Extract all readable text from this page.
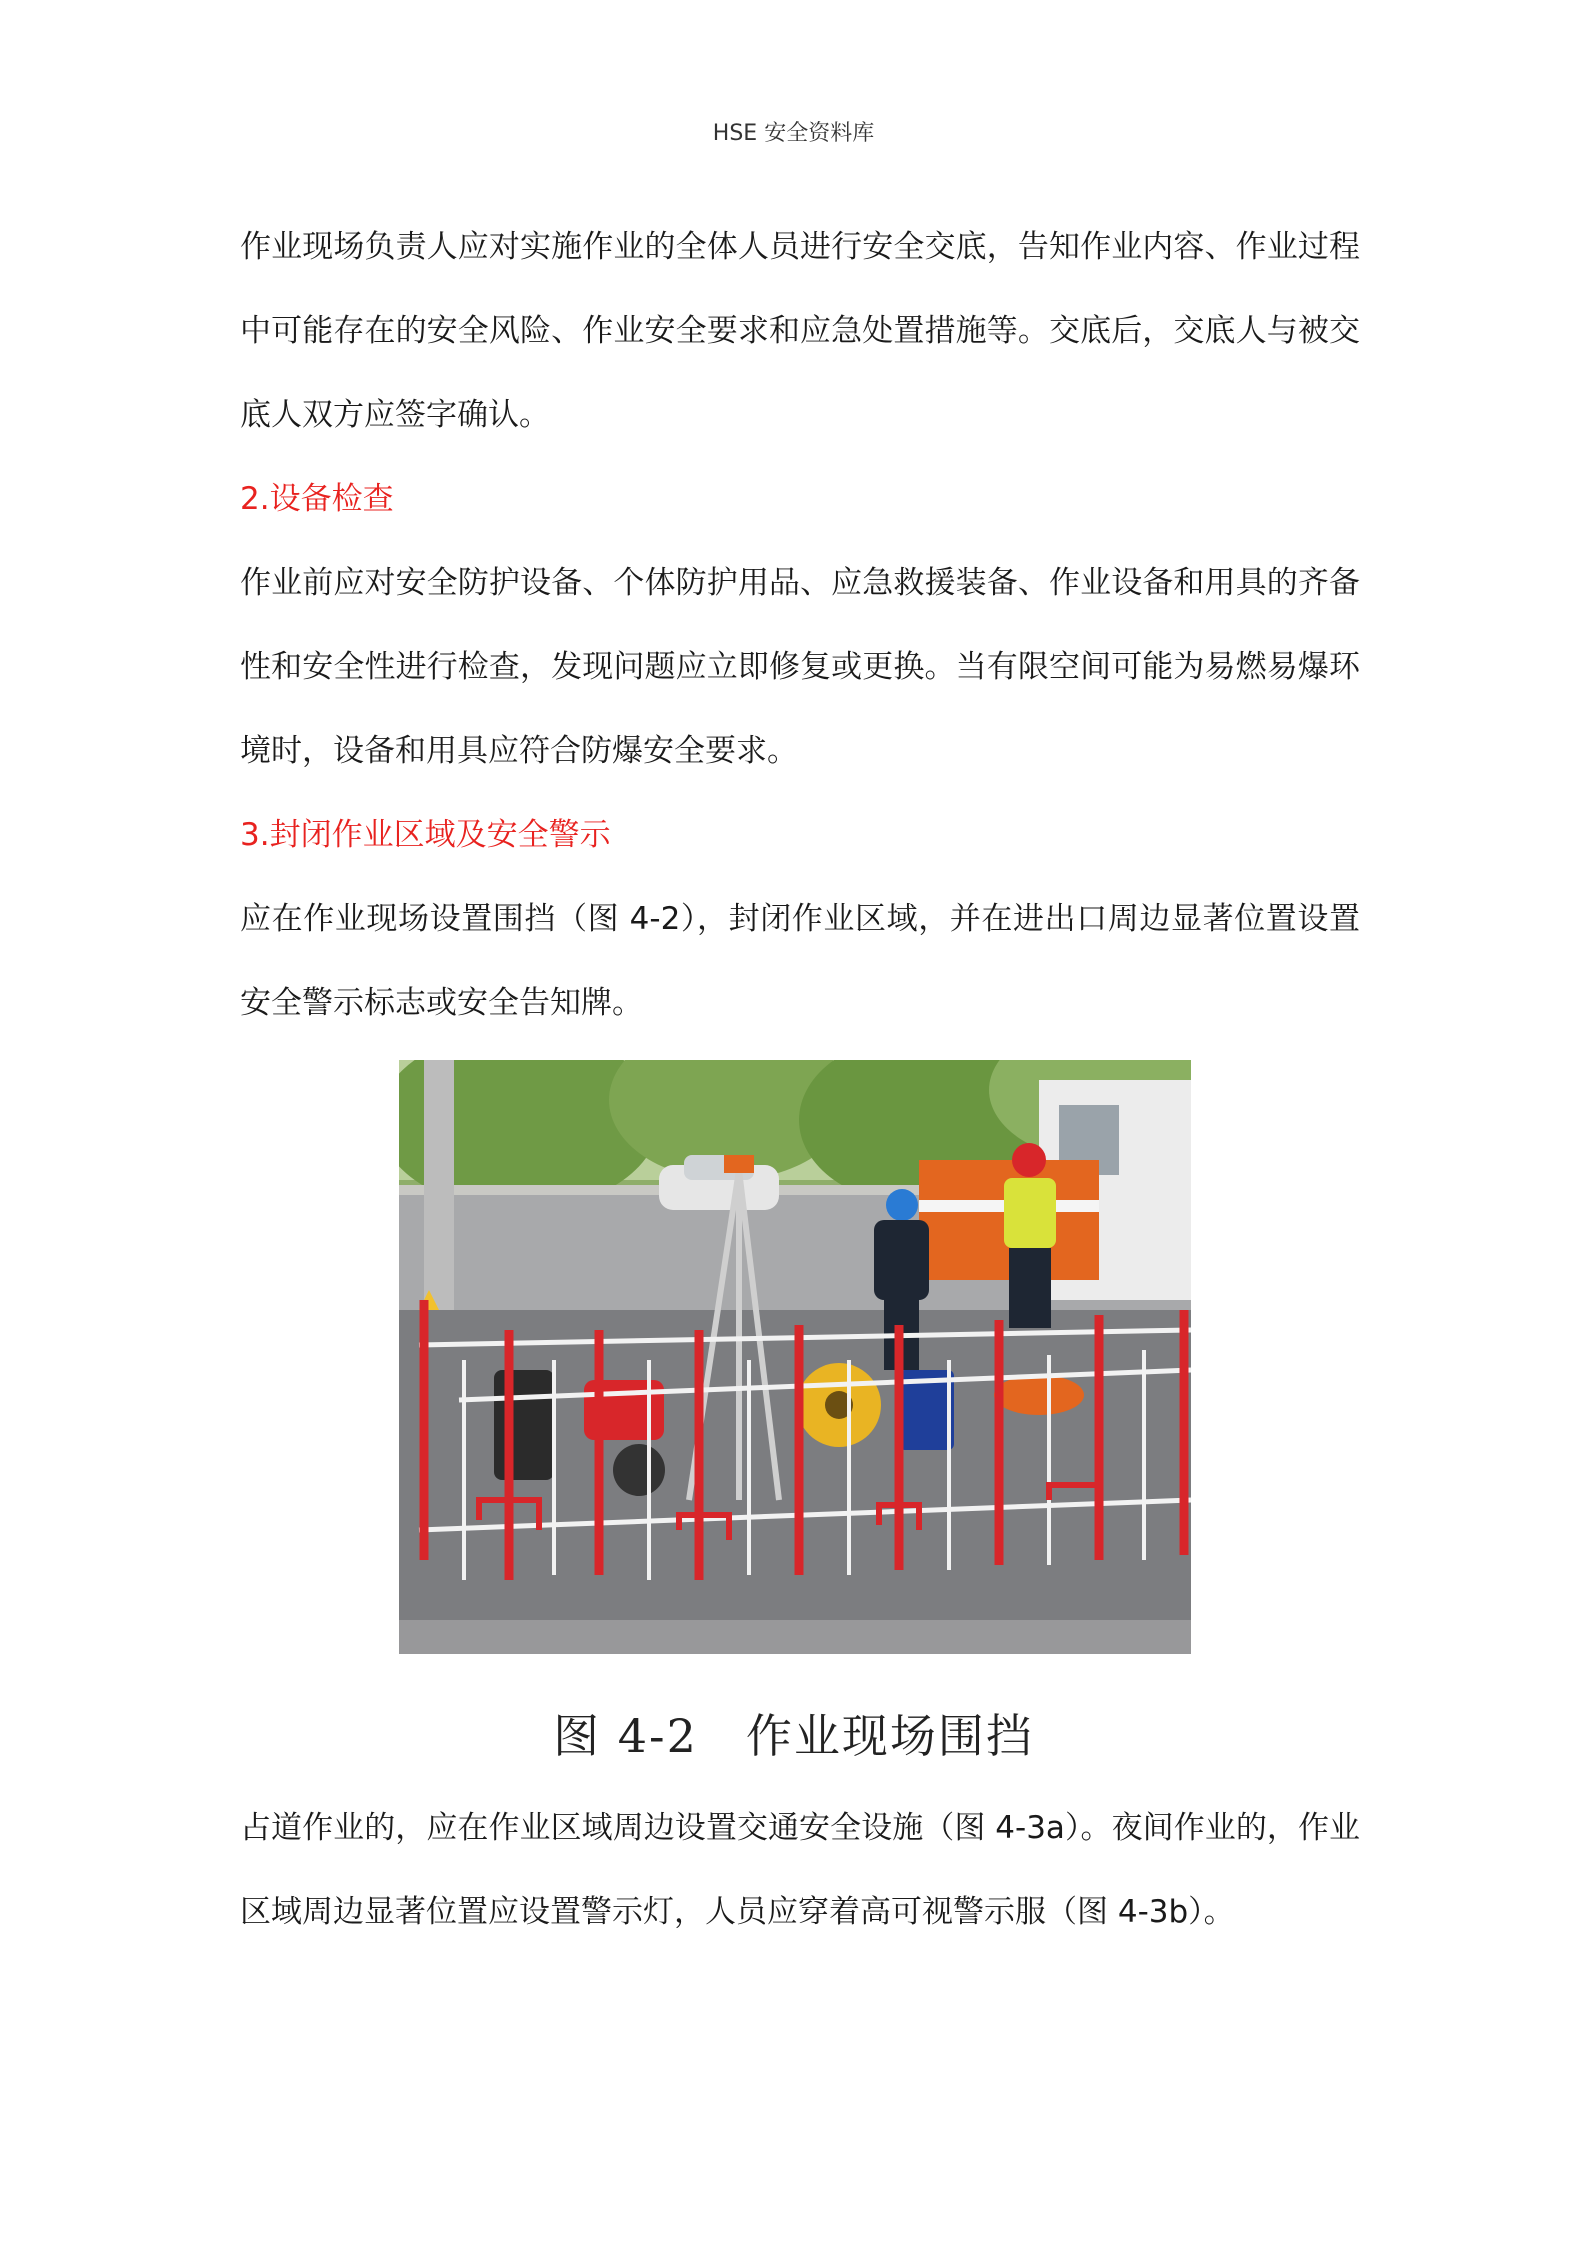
HSE 安全资料库

作业现场负责人应对实施作业的全体人员进行安全交底，告知作业内容、作业过程中可能存在的安全风险、作业安全要求和应急处置措施等。交底后，交底人与被交底人双方应签字确认。

2.设备检查

作业前应对安全防护设备、个体防护用品、应急救援装备、作业设备和用具的齐备性和安全性进行检查，发现问题应立即修复或更换。当有限空间可能为易燃易爆环境时，设备和用具应符合防爆安全要求。

3.封闭作业区域及安全警示

应在作业现场设置围挡（图 4-2），封闭作业区域，并在进出口周边显著位置设置安全警示标志或安全告知牌。

图 4-2　作业现场围挡

占道作业的，应在作业区域周边设置交通安全设施（图 4-3a）。夜间作业的，作业区域周边显著位置应设置警示灯，人员应穿着高可视警示服（图 4-3b）。
